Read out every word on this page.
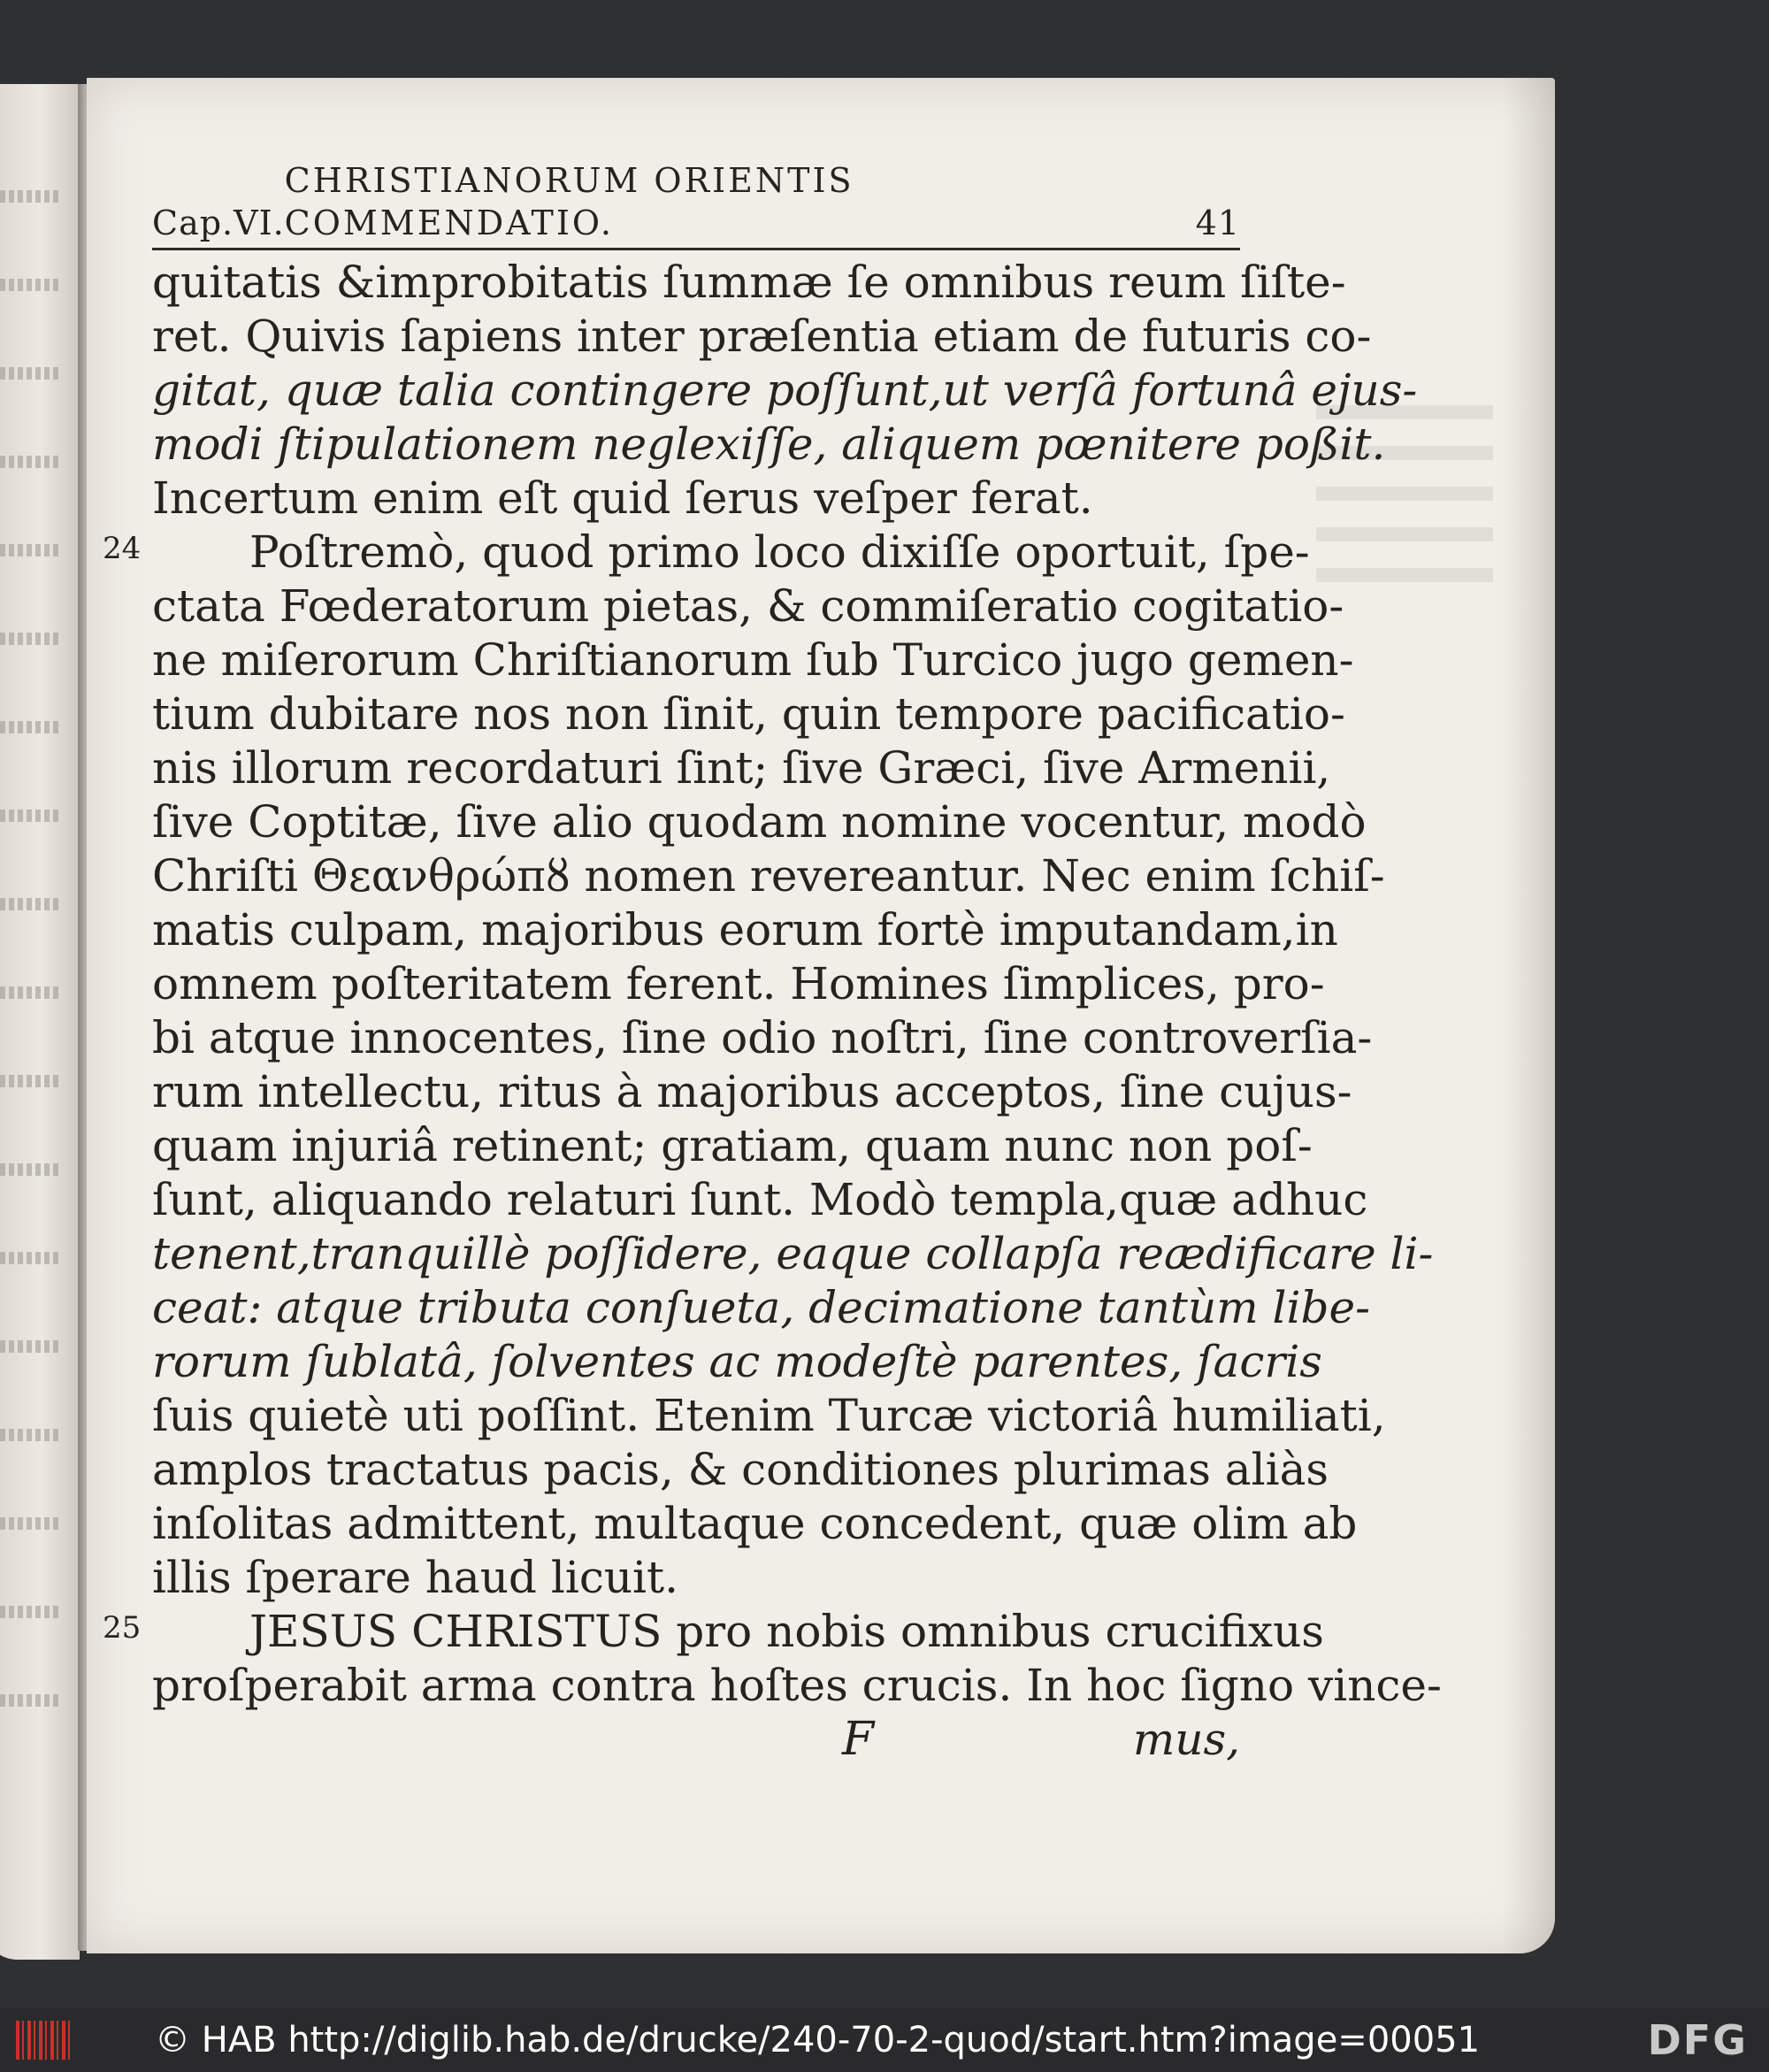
Cap.VI.
CHRISTIANORUM ORIENTIS COMMENDATIO.	41
quitatis &improbitatis ſummæ ſe omnibus reum ſiſte-
ret. Quivis ſapiens inter præſentia etiam de futuris co-
gitat, quæ talia contingere poſſunt,ut verſâ fortunâ ejus-
modi ſtipulationem neglexiſſe, aliquem pœnitere poßit.
Incertum enim eſt quid ſerus veſper ferat.
24	Poſtremò, quod primo loco dixiſſe oportuit, ſpe-
ctata Fœderatorum pietas, & commiſeratio cogitatio-
ne miſerorum Chriſtianorum ſub Turcico jugo gemen-
tium dubitare nos non ſinit, quin tempore pacificatio-
nis illorum recordaturi ſint; ſive Græci, ſive Armenii,
ſive Coptitæ, ſive alio quodam nomine vocentur, modò
Chriſti Θεανθρώπȣ nomen revereantur. Nec enim ſchiſ-
matis culpam, majoribus eorum fortè imputandam,in
omnem poſteritatem ferent. Homines ſimplices, pro-
bi atque innocentes, ſine odio noſtri, ſine controverſia-
rum intellectu, ritus à majoribus acceptos, ſine cujus-
quam injuriâ retinent; gratiam, quam nunc non poſ-
ſunt, aliquando relaturi ſunt. Modò templa,quæ adhuc
tenent,tranquillè poſſidere, eaque collapſa reædificare li-
ceat: atque tributa conſueta, decimatione tantùm libe-
rorum ſublatâ, ſolventes ac modeſtè parentes, ſacris
ſuis quietè uti poſſint. Etenim Turcæ victoriâ humiliati,
amplos tractatus pacis, & conditiones plurimas aliàs
inſolitas admittent, multaque concedent, quæ olim ab
illis ſperare haud licuit.
25	JESUS CHRISTUS pro nobis omnibus crucifixus
proſperabit arma contra hoſtes crucis. In hoc ſigno vince-
F	mus,
© HAB http://diglib.hab.de/drucke/240-70-2-quod/start.htm?image=00051	DFG
